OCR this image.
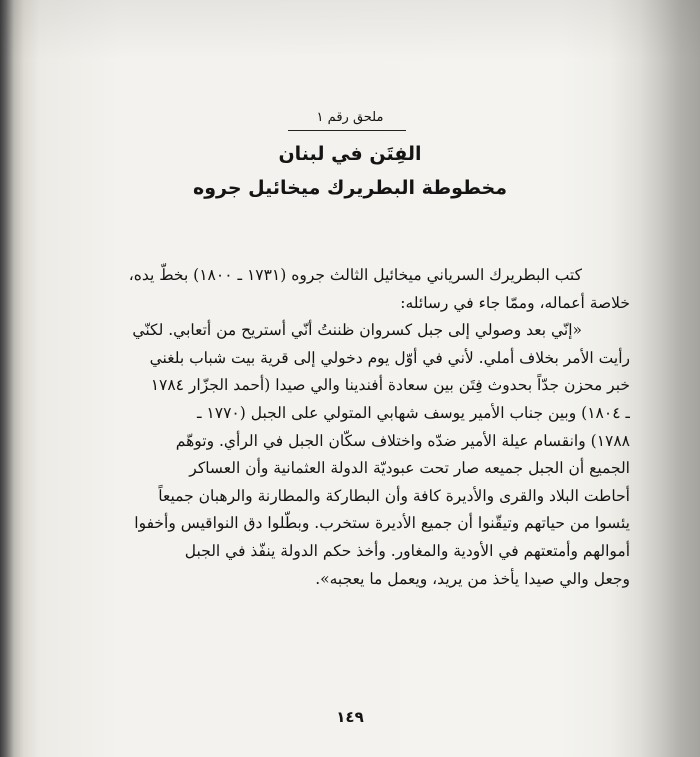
ملحق رقم ١
الفِتَن في لبنان
مخطوطة البطريرك ميخائيل جروه
كتب البطريرك السرياني ميخائيل الثالث جروه (١٧٣١ ـ ١٨٠٠) بخطّ يده،
خلاصة أعماله، وممّا جاء في رسائله:
«إنّي بعد وصولي إلى جبل كسروان ظننتُ أنّي أستريح من أتعابي. لكنّي
رأيت الأمر بخلاف أملي. لأني في أوّل يوم دخولي إلى قرية بيت شباب بلغني
خبر محزن جدّاً بحدوث فِتَن بين سعادة أفندينا والي صيدا (أحمد الجزّار ١٧٨٤
ـ ١٨٠٤) وبين جناب الأمير يوسف شهابي المتولي على الجبل (١٧٧٠ ـ
١٧٨٨) وانقسام عيلة الأمير ضدّه واختلاف سكّان الجبل في الرأي. وتوهّم
الجميع أن الجبل جميعه صار تحت عبوديّة الدولة العثمانية وأن العساكر
أحاطت البلاد والقرى والأديرة كافة وأن البطاركة والمطارنة والرهبان جميعاً
يئسوا من حياتهم وتيقّنوا أن جميع الأديرة ستخرب. وبطّلوا دق النواقيس وأخفوا
أموالهم وأمتعتهم في الأودية والمغاور. وأخذ حكم الدولة ينفّذ في الجبل
وجعل والي صيدا يأخذ من يريد، ويعمل ما يعجبه».
١٤٩
